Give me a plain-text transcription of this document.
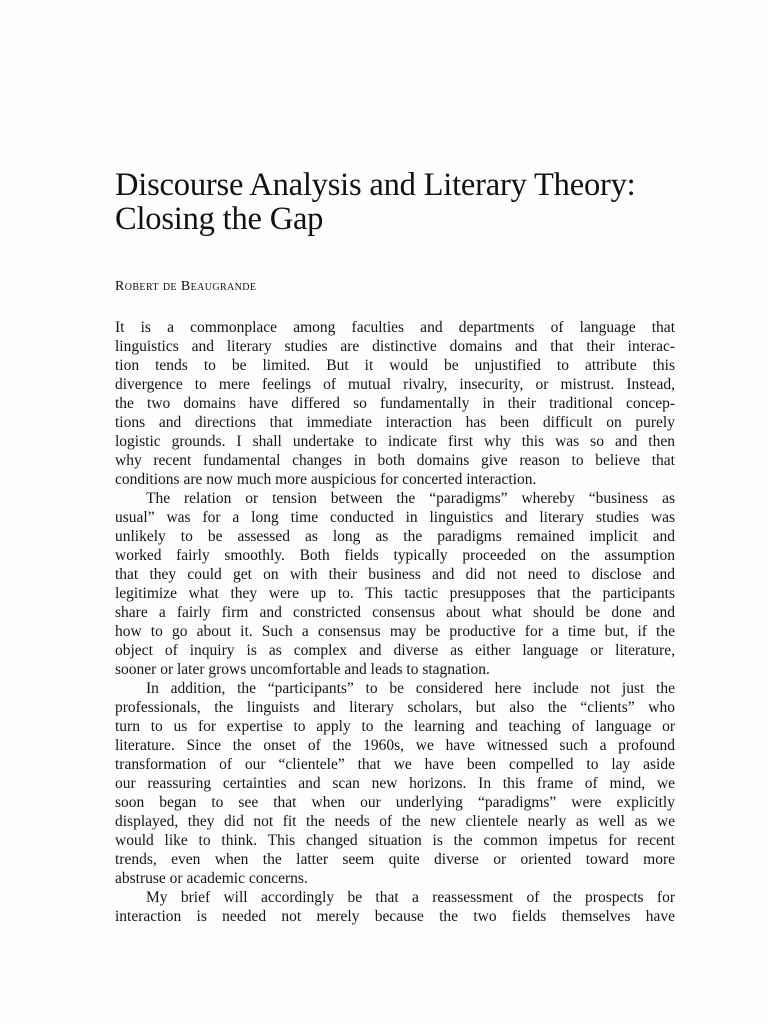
Discourse Analysis and Literary Theory:
Closing the Gap

Robert de Beaugrande

It is a commonplace among faculties and departments of language that
linguistics and literary studies are distinctive domains and that their interac-
tion tends to be limited. But it would be unjustified to attribute this
divergence to mere feelings of mutual rivalry, insecurity, or mistrust. Instead,
the two domains have differed so fundamentally in their traditional concep-
tions and directions that immediate interaction has been difficult on purely
logistic grounds. I shall undertake to indicate first why this was so and then
why recent fundamental changes in both domains give reason to believe that
conditions are now much more auspicious for concerted interaction.
The relation or tension between the “paradigms” whereby “business as
usual” was for a long time conducted in linguistics and literary studies was
unlikely to be assessed as long as the paradigms remained implicit and
worked fairly smoothly. Both fields typically proceeded on the assumption
that they could get on with their business and did not need to disclose and
legitimize what they were up to. This tactic presupposes that the participants
share a fairly firm and constricted consensus about what should be done and
how to go about it. Such a consensus may be productive for a time but, if the
object of inquiry is as complex and diverse as either language or literature,
sooner or later grows uncomfortable and leads to stagnation.
In addition, the “participants” to be considered here include not just the
professionals, the linguists and literary scholars, but also the “clients” who
turn to us for expertise to apply to the learning and teaching of language or
literature. Since the onset of the 1960s, we have witnessed such a profound
transformation of our “clientele” that we have been compelled to lay aside
our reassuring certainties and scan new horizons. In this frame of mind, we
soon began to see that when our underlying “paradigms” were explicitly
displayed, they did not fit the needs of the new clientele nearly as well as we
would like to think. This changed situation is the common impetus for recent
trends, even when the latter seem quite diverse or oriented toward more
abstruse or academic concerns.
My brief will accordingly be that a reassessment of the prospects for
interaction is needed not merely because the two fields themselves have
